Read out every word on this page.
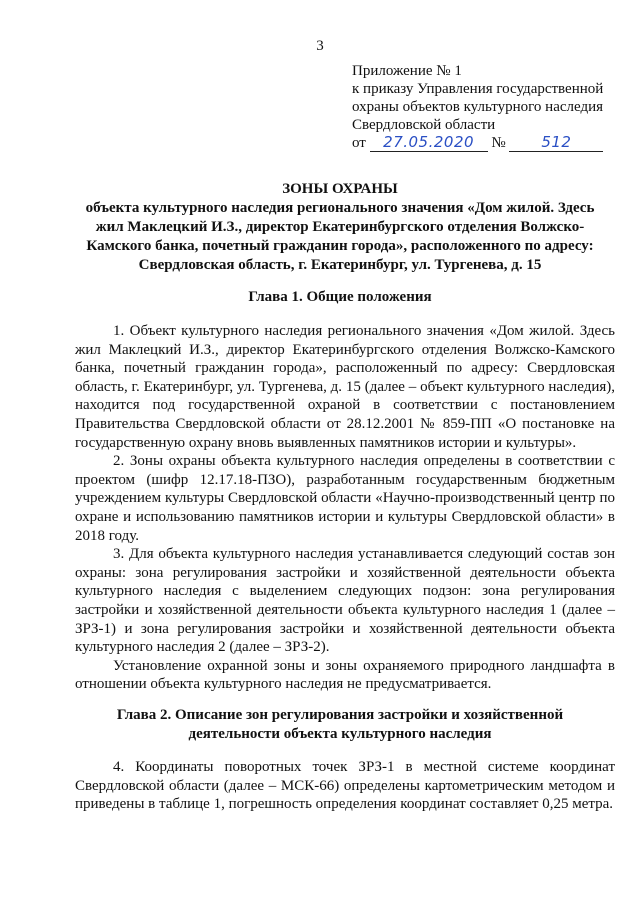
3
Приложение № 1
к приказу Управления государственной
охраны объектов культурного наследия
Свердловской области
от 27.05.2020 № 512
ЗОНЫ ОХРАНЫ
объекта культурного наследия регионального значения «Дом жилой. Здесь
жил Маклецкий И.З., директор Екатеринбургского отделения Волжско-
Камского банка, почетный гражданин города», расположенного по адресу:
Свердловская область, г. Екатеринбург, ул. Тургенева, д. 15
Глава 1. Общие положения

1. Объект культурного наследия регионального значения «Дом жилой. Здесь жил Маклецкий И.З., директор Екатеринбургского отделения Волжско-Камского банка, почетный гражданин города», расположенный по адресу: Свердловская область, г. Екатеринбург, ул. Тургенева, д. 15 (далее – объект культурного наследия), находится под государственной охраной в соответствии с постановлением Правительства Свердловской области от 28.12.2001 № 859-ПП «О постановке на государственную охрану вновь выявленных памятников истории и культуры».

2. Зоны охраны объекта культурного наследия определены в соответствии с проектом (шифр 12.17.18-ПЗО), разработанным государственным бюджетным учреждением культуры Свердловской области «Научно-производственный центр по охране и использованию памятников истории и культуры Свердловской области» в 2018 году.

3. Для объекта культурного наследия устанавливается следующий состав зон охраны: зона регулирования застройки и хозяйственной деятельности объекта культурного наследия с выделением следующих подзон: зона регулирования застройки и хозяйственной деятельности объекта культурного наследия 1 (далее – ЗРЗ-1) и зона регулирования застройки и хозяйственной деятельности объекта культурного наследия 2 (далее – ЗРЗ-2).

Установление охранной зоны и зоны охраняемого природного ландшафта в отношении объекта культурного наследия не предусматривается.

Глава 2. Описание зон регулирования застройки и хозяйственной
деятельности объекта культурного наследия

4. Координаты поворотных точек ЗРЗ-1 в местной системе координат Свердловской области (далее – МСК-66) определены картометрическим методом и приведены в таблице 1, погрешность определения координат составляет 0,25 метра.
